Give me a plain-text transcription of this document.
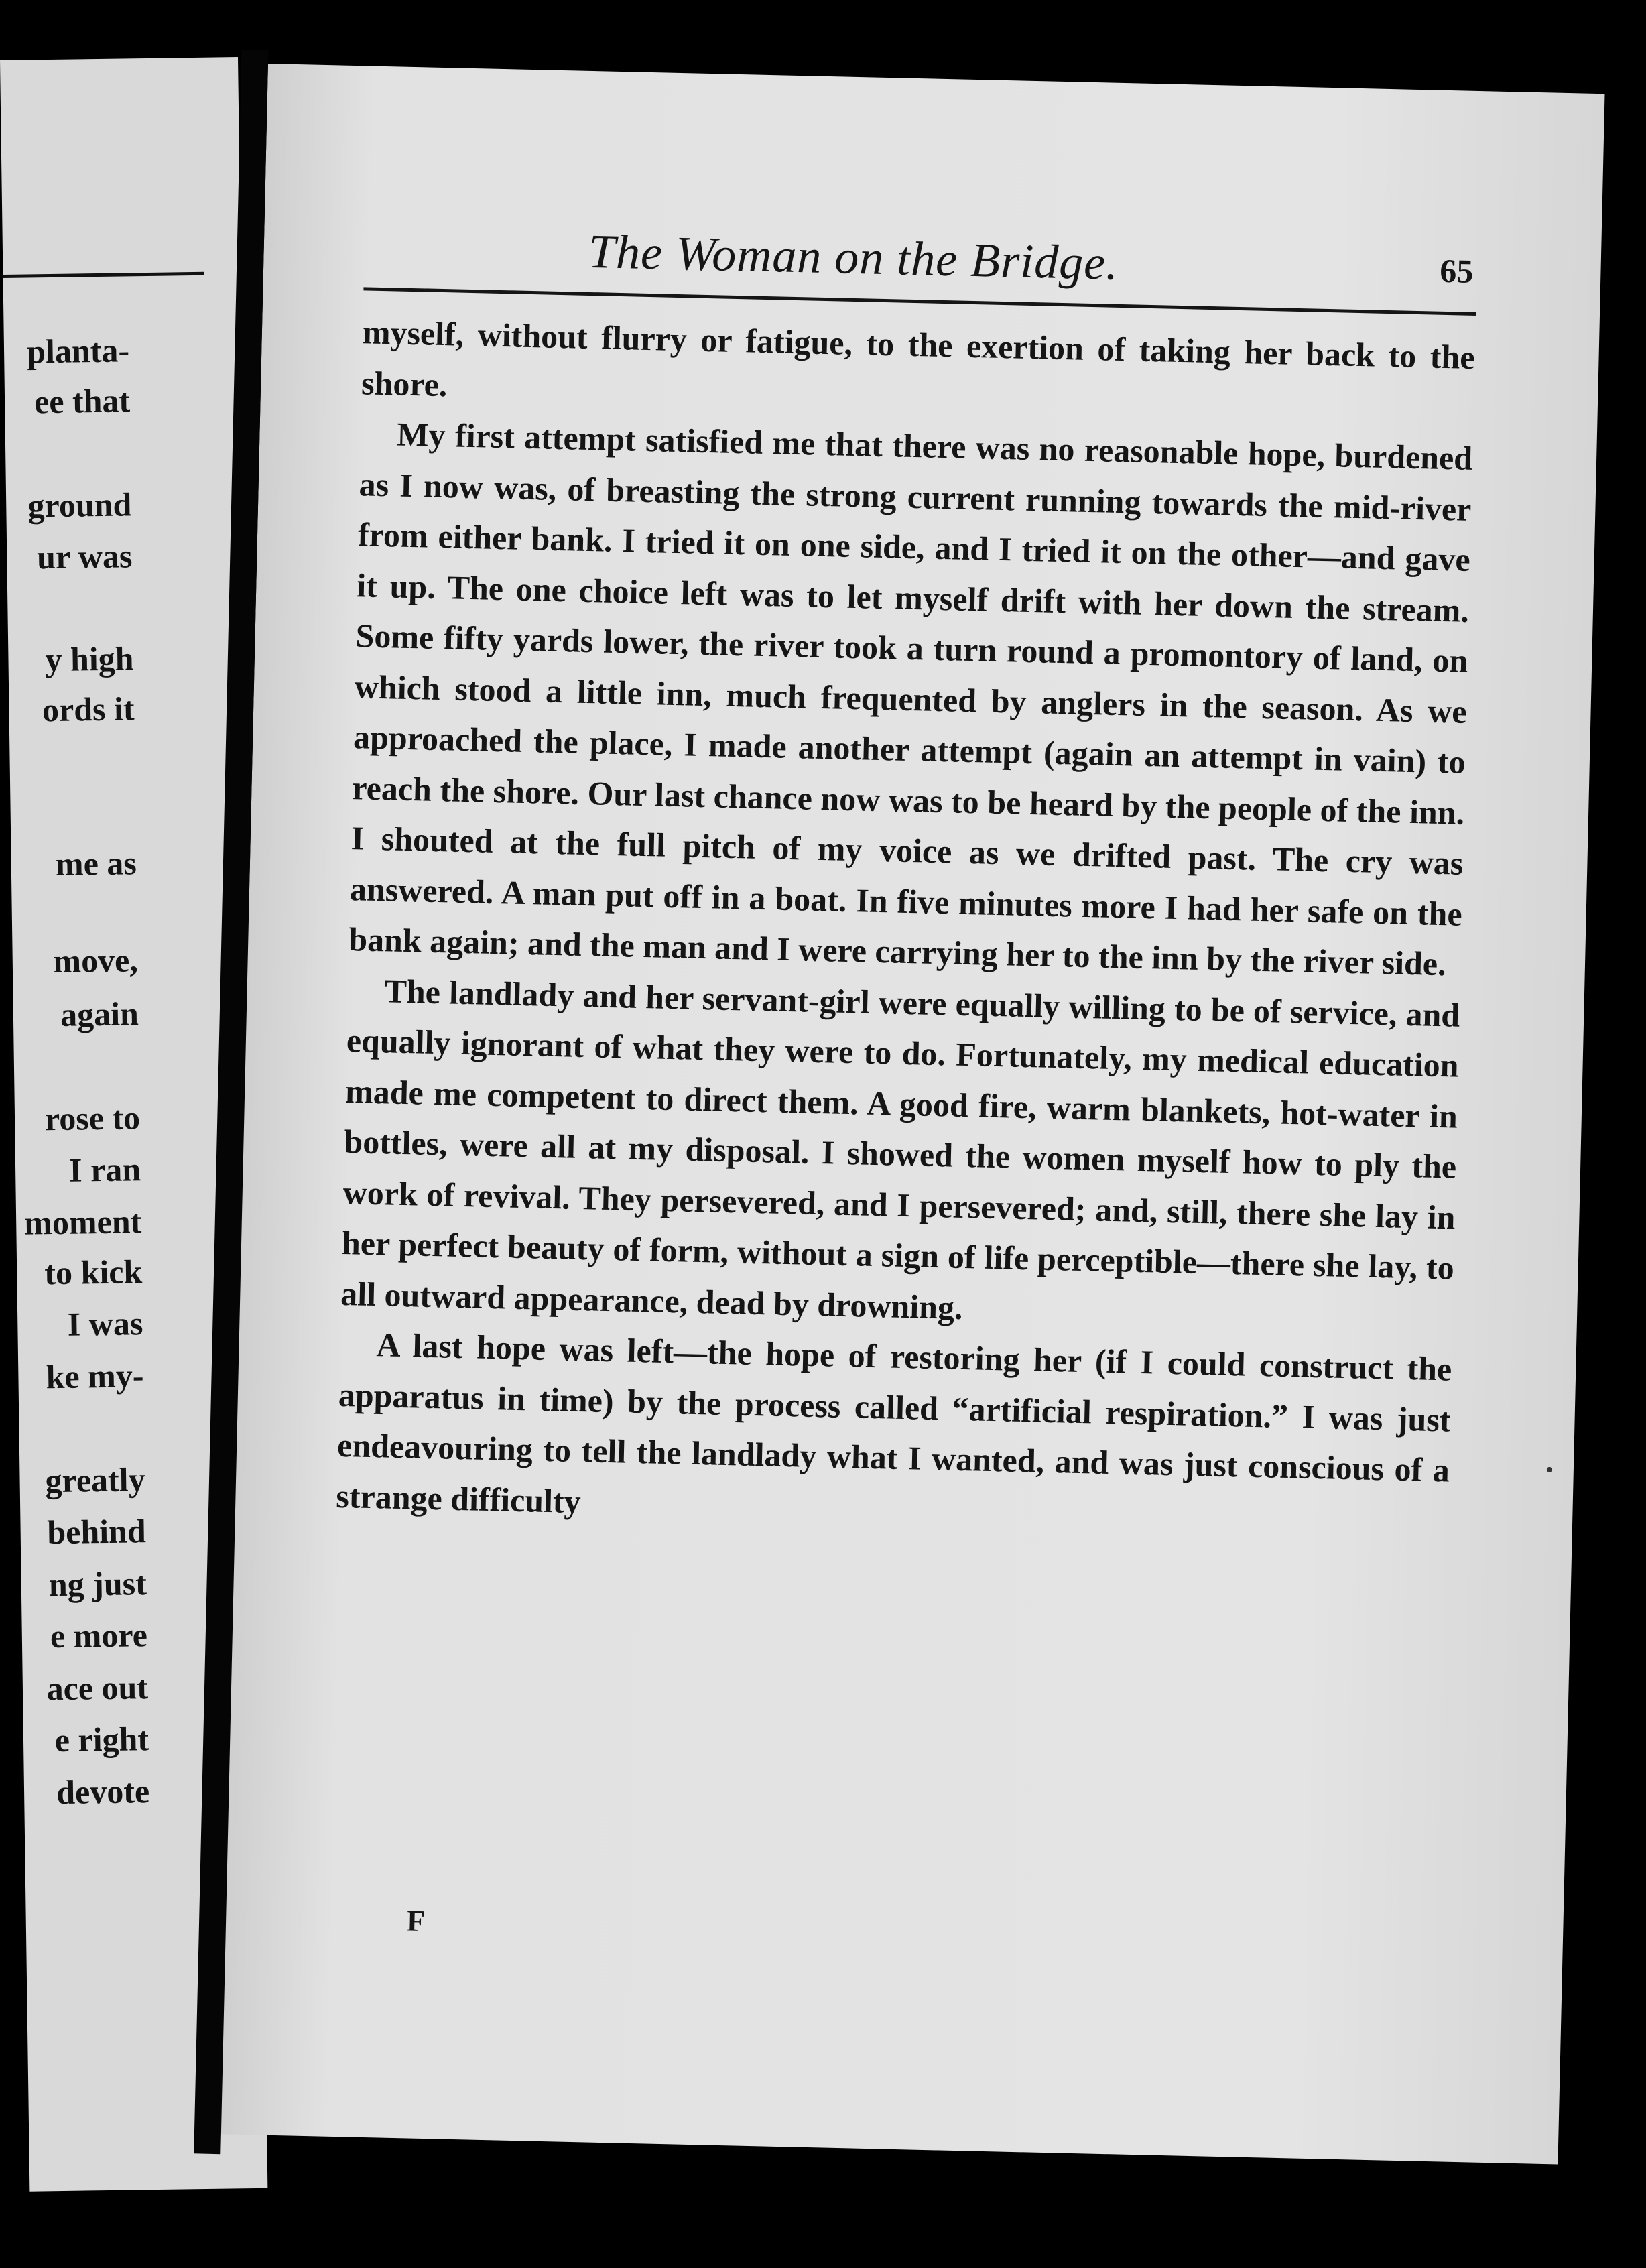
planta-
ee that
ground
ur was
y high
ords it
me as
move,
again
rose to
I ran
moment
to kick
I was
ke my-
greatly
behind
ng just
e more
ace out
e right
devote
The Woman on the Bridge.	65

myself, without flurry or fatigue, to the exertion of taking her back to the shore.

My first attempt satisfied me that there was no reasonable hope, burdened as I now was, of breasting the strong current running towards the mid-river from either bank. I tried it on one side, and I tried it on the other—and gave it up. The one choice left was to let myself drift with her down the stream. Some fifty yards lower, the river took a turn round a promontory of land, on which stood a little inn, much frequented by anglers in the season. As we approached the place, I made another attempt (again an attempt in vain) to reach the shore. Our last chance now was to be heard by the people of the inn. I shouted at the full pitch of my voice as we drifted past. The cry was answered. A man put off in a boat. In five minutes more I had her safe on the bank again; and the man and I were carrying her to the inn by the river side.

The landlady and her servant-girl were equally willing to be of service, and equally ignorant of what they were to do. Fortunately, my medical education made me competent to direct them. A good fire, warm blankets, hot-water in bottles, were all at my disposal. I showed the women myself how to ply the work of revival. They persevered, and I persevered; and, still, there she lay in her perfect beauty of form, without a sign of life perceptible—there she lay, to all outward appearance, dead by drowning.

A last hope was left—the hope of restoring her (if I could construct the apparatus in time) by the process called “artificial respiration.” I was just endeavouring to tell the landlady what I wanted, and was just conscious of a strange difficulty

F
